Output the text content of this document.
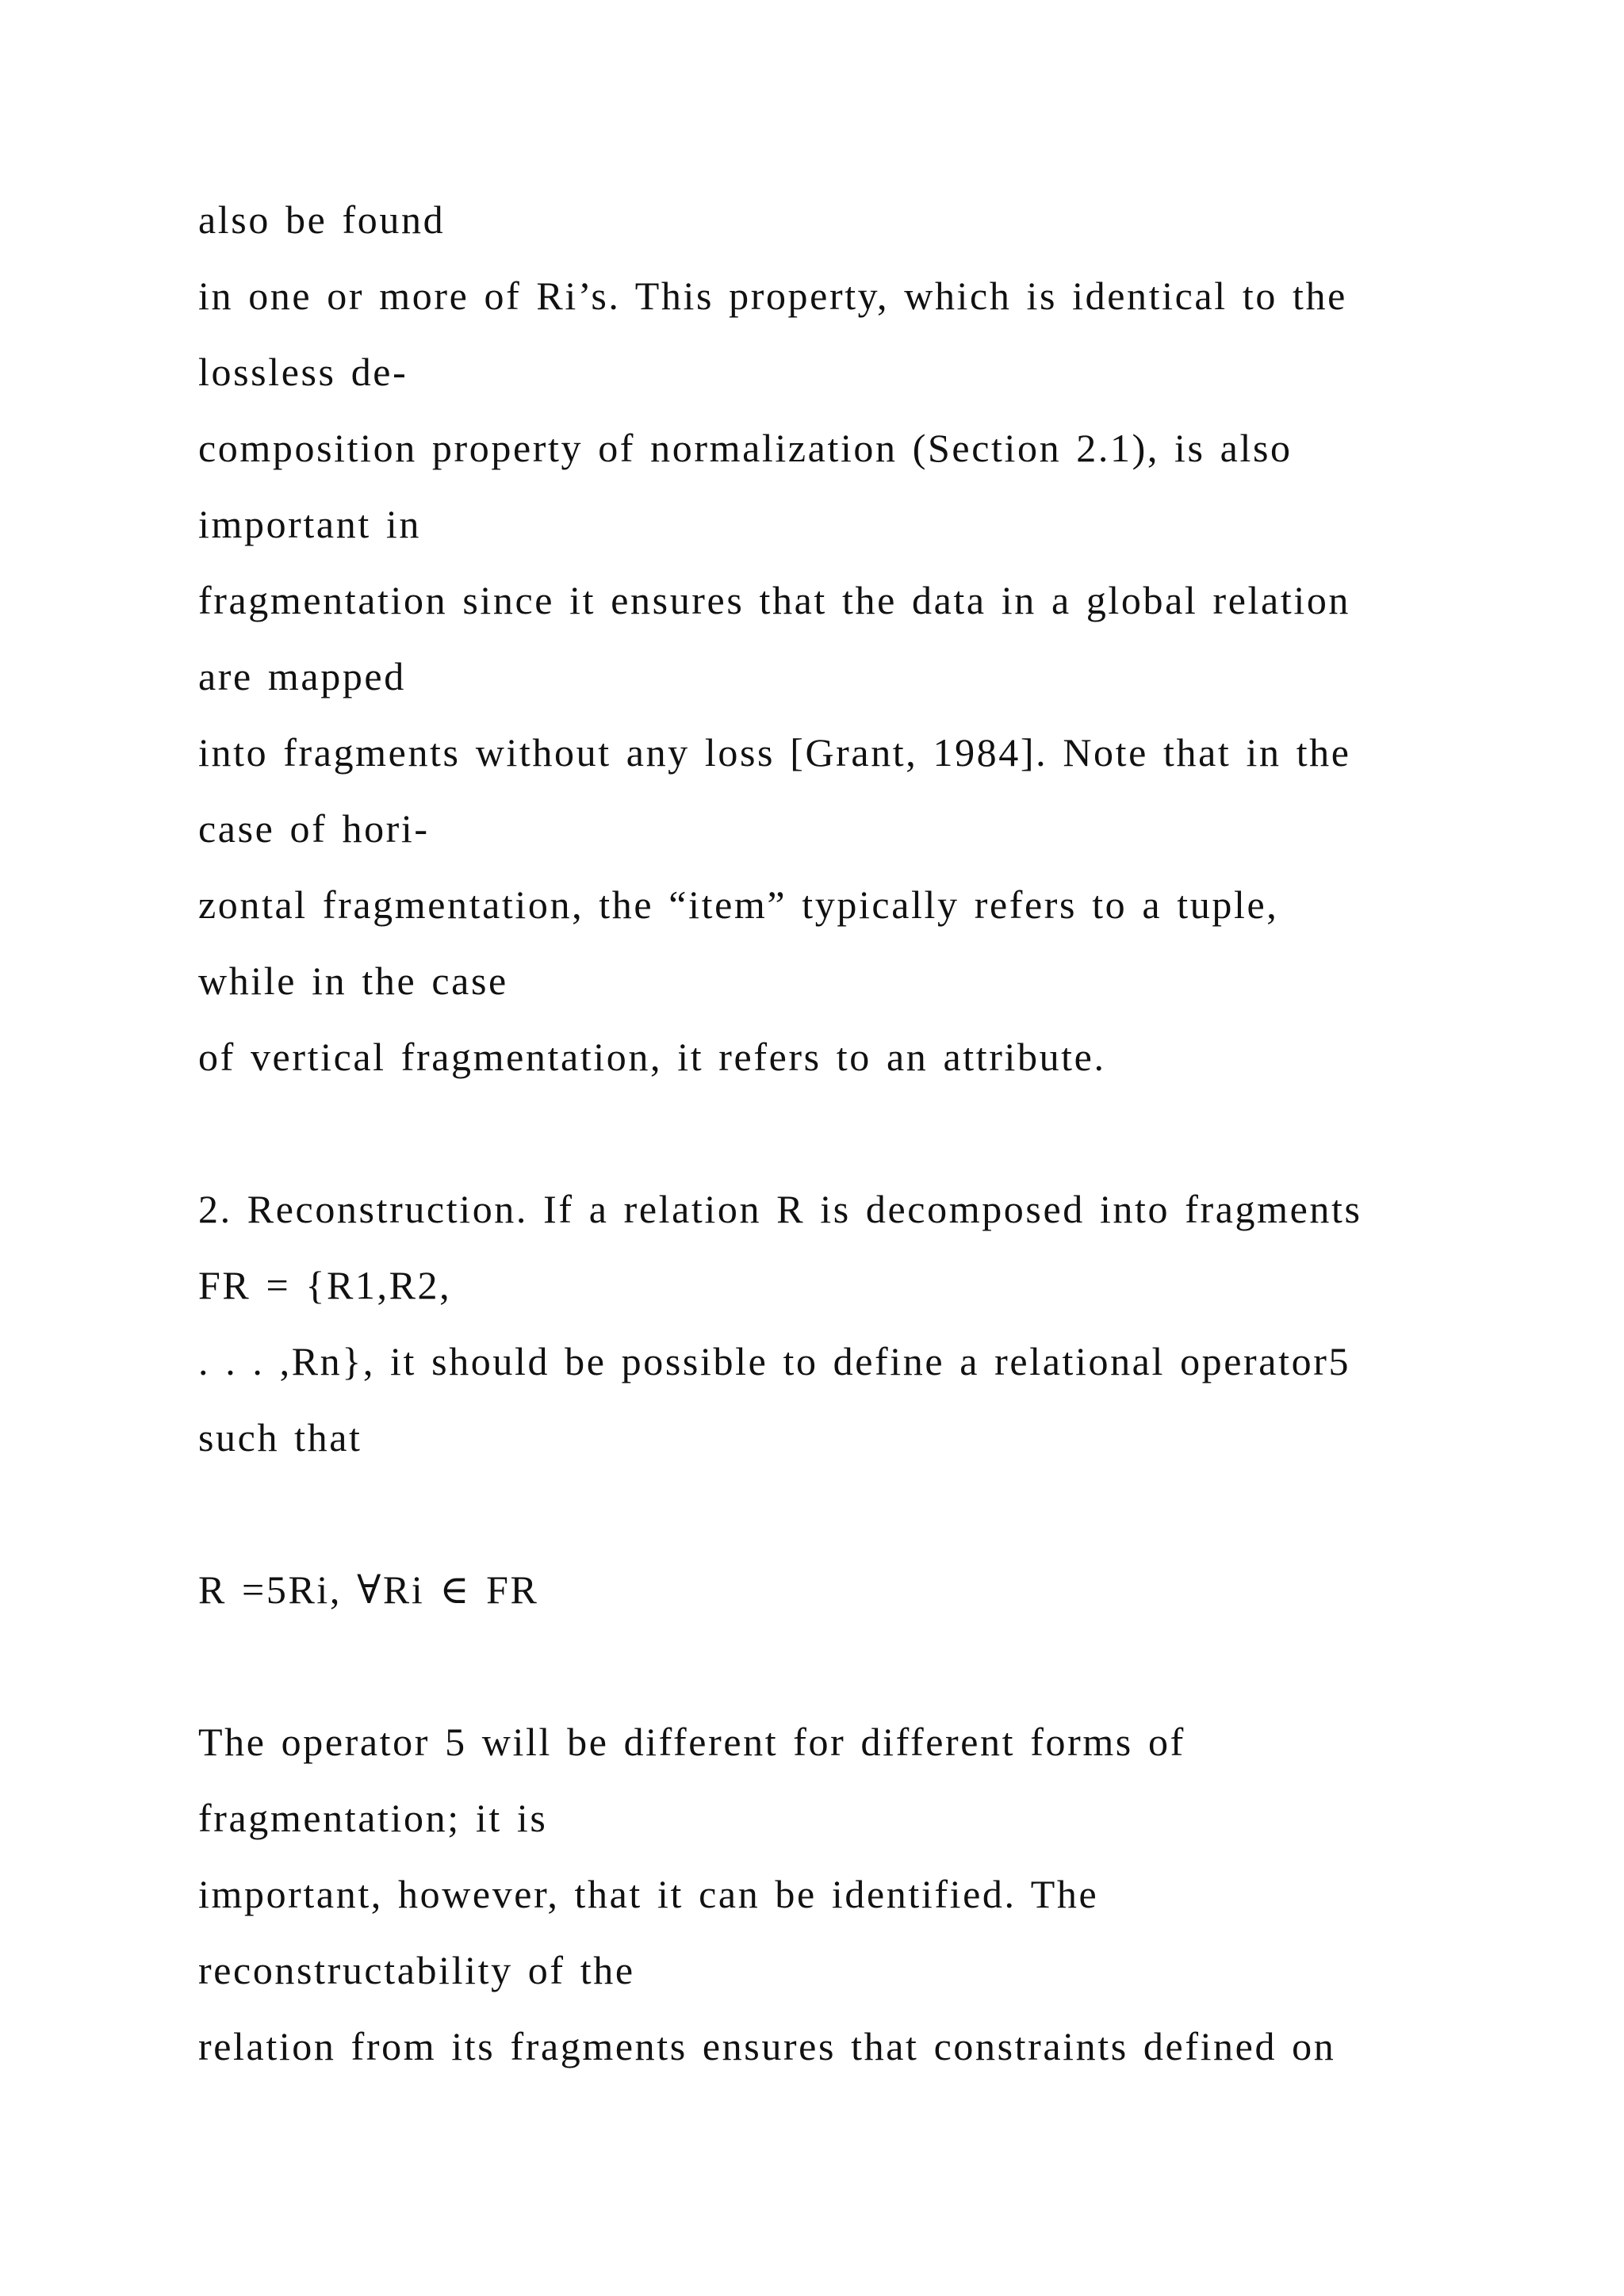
also be found
in one or more of Ri’s. This property, which is identical to the
lossless de-
composition property of normalization (Section 2.1), is also
important in
fragmentation since it ensures that the data in a global relation
are mapped
into fragments without any loss [Grant, 1984]. Note that in the
case of hori-
zontal fragmentation, the “item” typically refers to a tuple,
while in the case
of vertical fragmentation, it refers to an attribute.
2. Reconstruction. If a relation R is decomposed into fragments
FR = {R1,R2,
. . . ,Rn}, it should be possible to define a relational operator5
such that
R =5Ri, ∀Ri ∈ FR
The operator 5 will be different for different forms of
fragmentation; it is
important, however, that it can be identified. The
reconstructability of the
relation from its fragments ensures that constraints defined on
